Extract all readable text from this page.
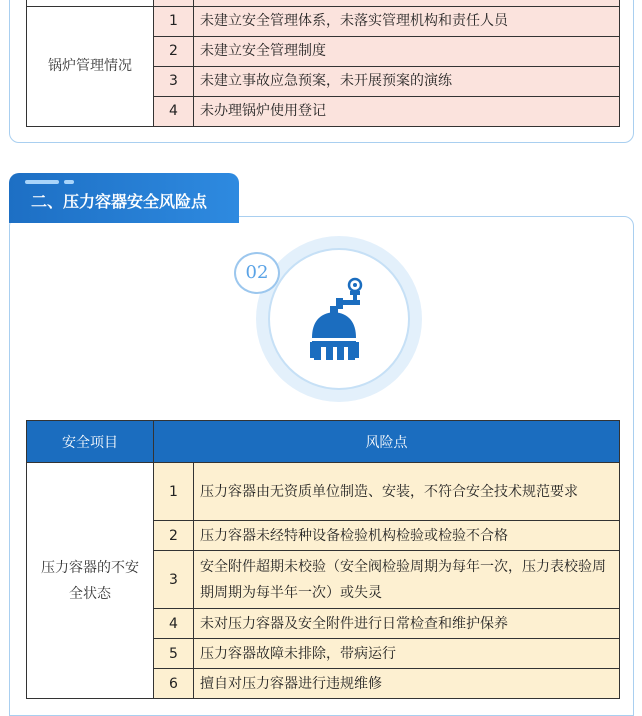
锅炉管理情况	1	未建立安全管理体系，未落实管理机构和责任人员
	2	未建立安全管理制度
	3	未建立事故应急预案，未开展预案的演练
	4	未办理锅炉使用登记

二、压力容器安全风险点
02
安全项目	风险点	
压力容器的不安全状态	1	压力容器由无资质单位制造、安装，不符合安全技术规范要求
	2	压力容器未经特种设备检验机构检验或检验不合格
	3	安全附件超期未校验（安全阀检验周期为每年一次，压力表校验周期周期为每半年一次）或失灵
	4	未对压力容器及安全附件进行日常检查和维护保养
	5	压力容器故障未排除，带病运行
	6	擅自对压力容器进行违规维修
